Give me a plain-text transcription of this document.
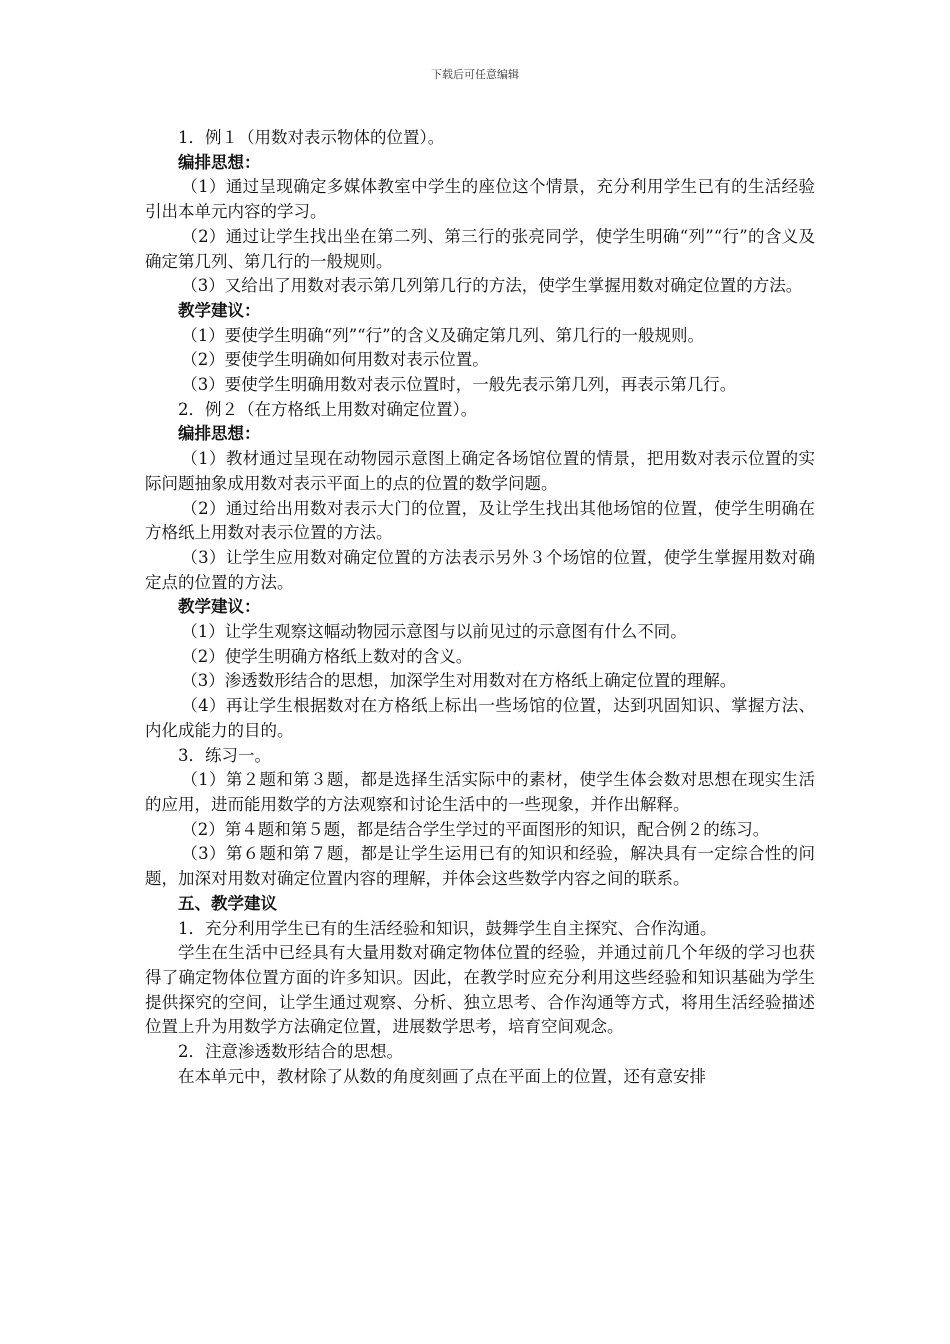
下载后可任意编辑

1．例１（用数对表示物体的位置）。

编排思想：

（1）通过呈现确定多媒体教室中学生的座位这个情景，充分利用学生已有的生活经验引出本单元内容的学习。

（2）通过让学生找出坐在第二列、第三行的张亮同学，使学生明确“列”“行”的含义及确定第几列、第几行的一般规则。

（3）又给出了用数对表示第几列第几行的方法，使学生掌握用数对确定位置的方法。

教学建议：

（1）要使学生明确“列”“行”的含义及确定第几列、第几行的一般规则。

（2）要使学生明确如何用数对表示位置。

（3）要使学生明确用数对表示位置时，一般先表示第几列，再表示第几行。

2．例２（在方格纸上用数对确定位置）。

编排思想：

（1）教材通过呈现在动物园示意图上确定各场馆位置的情景，把用数对表示位置的实际问题抽象成用数对表示平面上的点的位置的数学问题。

（2）通过给出用数对表示大门的位置，及让学生找出其他场馆的位置，使学生明确在方格纸上用数对表示位置的方法。

（3）让学生应用数对确定位置的方法表示另外３个场馆的位置，使学生掌握用数对确定点的位置的方法。

教学建议：

（1）让学生观察这幅动物园示意图与以前见过的示意图有什么不同。

（2）使学生明确方格纸上数对的含义。

（3）渗透数形结合的思想，加深学生对用数对在方格纸上确定位置的理解。

（4）再让学生根据数对在方格纸上标出一些场馆的位置，达到巩固知识、掌握方法、内化成能力的目的。

3．练习一。

（1）第２题和第３题，都是选择生活实际中的素材，使学生体会数对思想在现实生活的应用，进而能用数学的方法观察和讨论生活中的一些现象，并作出解释。

（2）第４题和第５题，都是结合学生学过的平面图形的知识，配合例２的练习。

（3）第６题和第７题，都是让学生运用已有的知识和经验，解决具有一定综合性的问题，加深对用数对确定位置内容的理解，并体会这些数学内容之间的联系。

五、教学建议

1．充分利用学生已有的生活经验和知识，鼓舞学生自主探究、合作沟通。

学生在生活中已经具有大量用数对确定物体位置的经验，并通过前几个年级的学习也获得了确定物体位置方面的许多知识。因此，在教学时应充分利用这些经验和知识基础为学生提供探究的空间，让学生通过观察、分析、独立思考、合作沟通等方式，将用生活经验描述位置上升为用数学方法确定位置，进展数学思考，培育空间观念。

2．注意渗透数形结合的思想。

在本单元中，教材除了从数的角度刻画了点在平面上的位置，还有意安排
